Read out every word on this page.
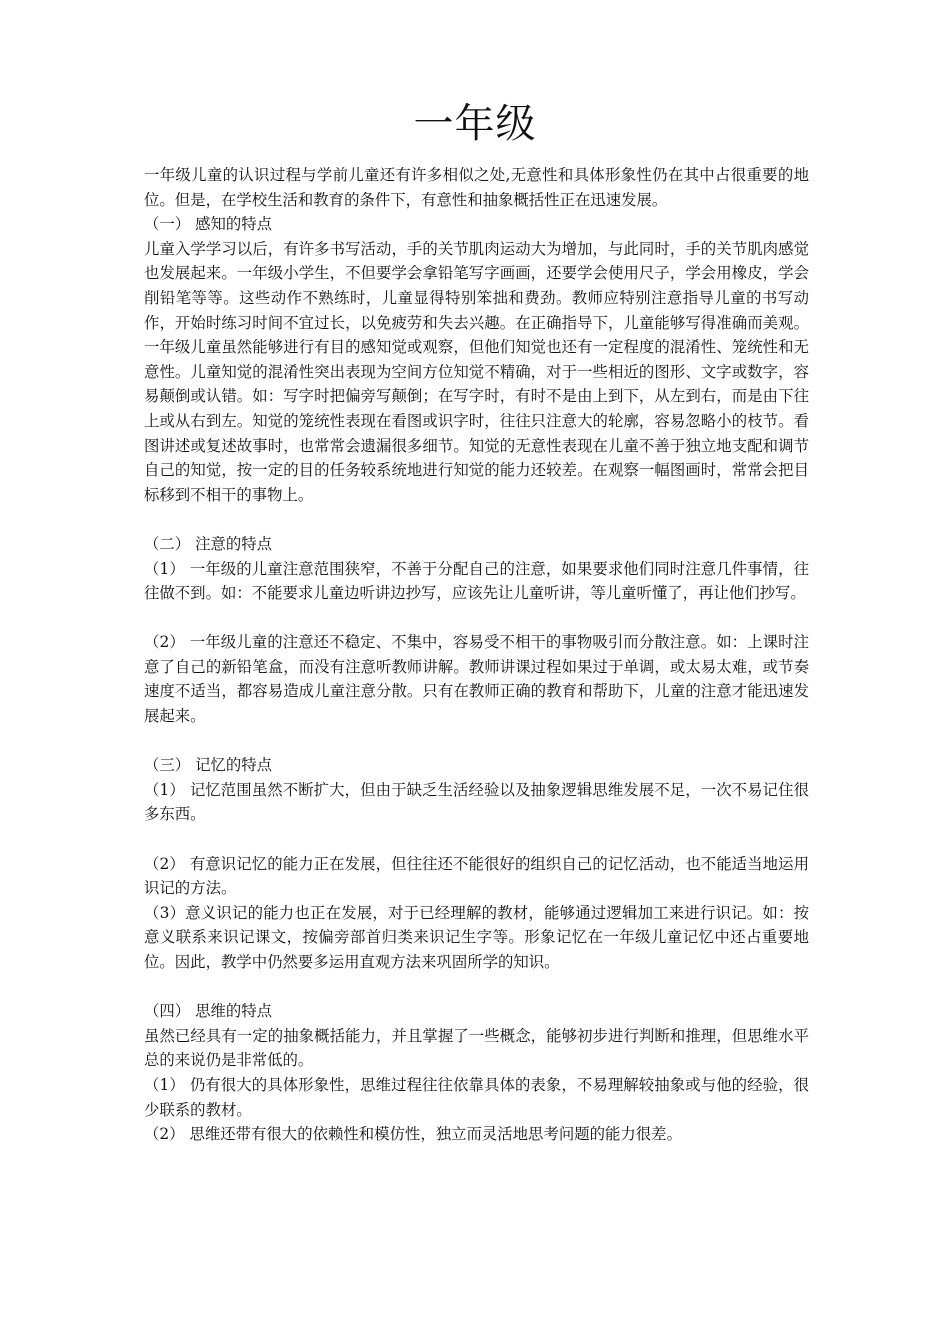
一年级

一年级儿童的认识过程与学前儿童还有许多相似之处,无意性和具体形象性仍在其中占很重要的地位。但是，在学校生活和教育的条件下，有意性和抽象概括性正在迅速发展。

（一） 感知的特点

儿童入学学习以后，有许多书写活动，手的关节肌肉运动大为增加，与此同时，手的关节肌肉感觉也发展起来。一年级小学生，不但要学会拿铅笔写字画画，还要学会使用尺子，学会用橡皮，学会削铅笔等等。这些动作不熟练时，儿童显得特别笨拙和费劲。教师应特别注意指导儿童的书写动作，开始时练习时间不宜过长，以免疲劳和失去兴趣。在正确指导下，儿童能够写得准确而美观。一年级儿童虽然能够进行有目的感知觉或观察，但他们知觉也还有一定程度的混淆性、笼统性和无意性。儿童知觉的混淆性突出表现为空间方位知觉不精确，对于一些相近的图形、文字或数字，容易颠倒或认错。如：写字时把偏旁写颠倒；在写字时，有时不是由上到下，从左到右，而是由下往上或从右到左。知觉的笼统性表现在看图或识字时，往往只注意大的轮廓，容易忽略小的枝节。看图讲述或复述故事时，也常常会遗漏很多细节。知觉的无意性表现在儿童不善于独立地支配和调节自己的知觉，按一定的目的任务较系统地进行知觉的能力还较差。在观察一幅图画时，常常会把目标移到不相干的事物上。

（二） 注意的特点

（1） 一年级的儿童注意范围狭窄，不善于分配自己的注意，如果要求他们同时注意几件事情，往往做不到。如：不能要求儿童边听讲边抄写，应该先让儿童听讲，等儿童听懂了，再让他们抄写。

（2） 一年级儿童的注意还不稳定、不集中，容易受不相干的事物吸引而分散注意。如：上课时注意了自己的新铅笔盒，而没有注意听教师讲解。教师讲课过程如果过于单调，或太易太难，或节奏速度不适当，都容易造成儿童注意分散。只有在教师正确的教育和帮助下，儿童的注意才能迅速发展起来。

（三） 记忆的特点

（1） 记忆范围虽然不断扩大，但由于缺乏生活经验以及抽象逻辑思维发展不足，一次不易记住很多东西。

（2） 有意识记忆的能力正在发展，但往往还不能很好的组织自己的记忆活动，也不能适当地运用识记的方法。

（3）意义识记的能力也正在发展，对于已经理解的教材，能够通过逻辑加工来进行识记。如：按意义联系来识记课文，按偏旁部首归类来识记生字等。形象记忆在一年级儿童记忆中还占重要地位。因此，教学中仍然要多运用直观方法来巩固所学的知识。

（四） 思维的特点

虽然已经具有一定的抽象概括能力，并且掌握了一些概念，能够初步进行判断和推理，但思维水平总的来说仍是非常低的。

（1） 仍有很大的具体形象性，思维过程往往依靠具体的表象，不易理解较抽象或与他的经验，很少联系的教材。

（2） 思维还带有很大的依赖性和模仿性，独立而灵活地思考问题的能力很差。
